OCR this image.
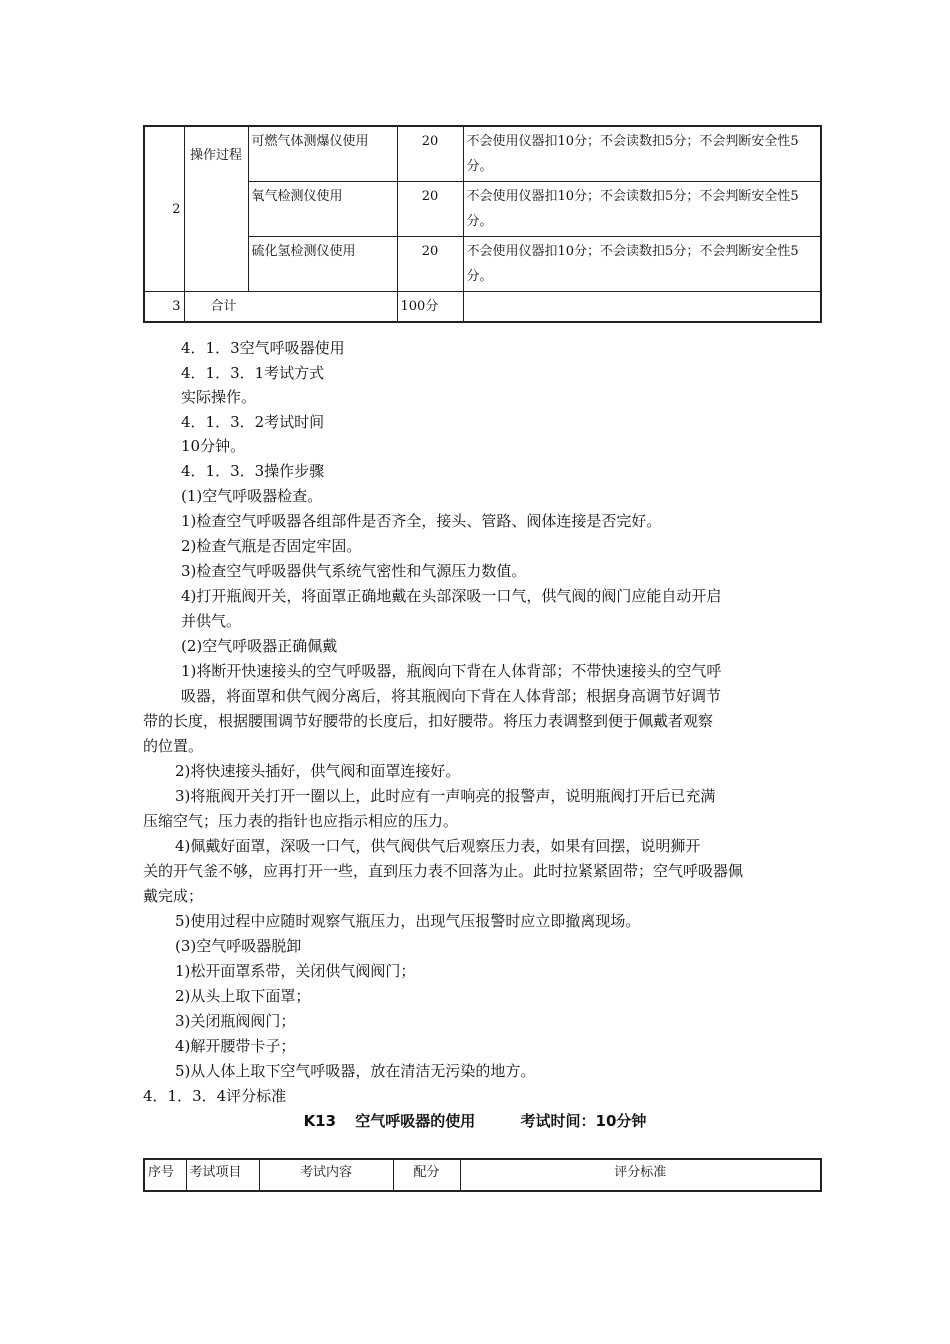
2	操作过程	可燃气体测爆仪使用	20	不会使用仪器扣10分；不会读数扣5分；不会判断安全性5分。
		氧气检测仪使用	20	不会使用仪器扣10分；不会读数扣5分；不会判断安全性5分。
		硫化氢检测仪使用	20	不会使用仪器扣10分；不会读数扣5分；不会判断安全性5分。
3	合计		100分	
4．1．3空气呼吸器使用
4．1．3．1考试方式
实际操作。
4．1．3．2考试时间
10分钟。
4．1．3．3操作步骤
(1)空气呼吸器检查。
1)检查空气呼吸器各组部件是否齐全，接头、管路、阀体连接是否完好。
2)检查气瓶是否固定牢固。
3)检查空气呼吸器供气系统气密性和气源压力数值。
4)打开瓶阀开关，将面罩正确地戴在头部深吸一口气，供气阀的阀门应能自动开启
并供气。
(2)空气呼吸器正确佩戴
1)将断开快速接头的空气呼吸器，瓶阀向下背在人体背部；不带快速接头的空气呼
吸器，将面罩和供气阀分离后，将其瓶阀向下背在人体背部；根据身高调节好调节
带的长度，根据腰围调节好腰带的长度后，扣好腰带。将压力表调整到便于佩戴者观察
的位置。
2)将快速接头插好，供气阀和面罩连接好。
3)将瓶阀开关打开一圈以上，此时应有一声响亮的报警声，说明瓶阀打开后已充满
压缩空气；压力表的指针也应指示相应的压力。
4)佩戴好面罩，深吸一口气，供气阀供气后观察压力表，如果有回摆，说明狮开
关的开气釜不够，应再打开一些，直到压力表不回落为止。此时拉紧紧固带；空气呼吸器佩
戴完成；
5)使用过程中应随时观察气瓶压力，出现气压报警时应立即撤离现场。
(3)空气呼吸器脱卸
1)松开面罩系带，关闭供气阀阀门；
2)从头上取下面罩；
3)关闭瓶阀阀门；
4)解开腰带卡子；
5)从人体上取下空气呼吸器，放在清洁无污染的地方。
4．1．3．4评分标准
K13 空气呼吸器的使用	考试时间：10分钟
序号	考试项目	考试内容	配分	评分标准
